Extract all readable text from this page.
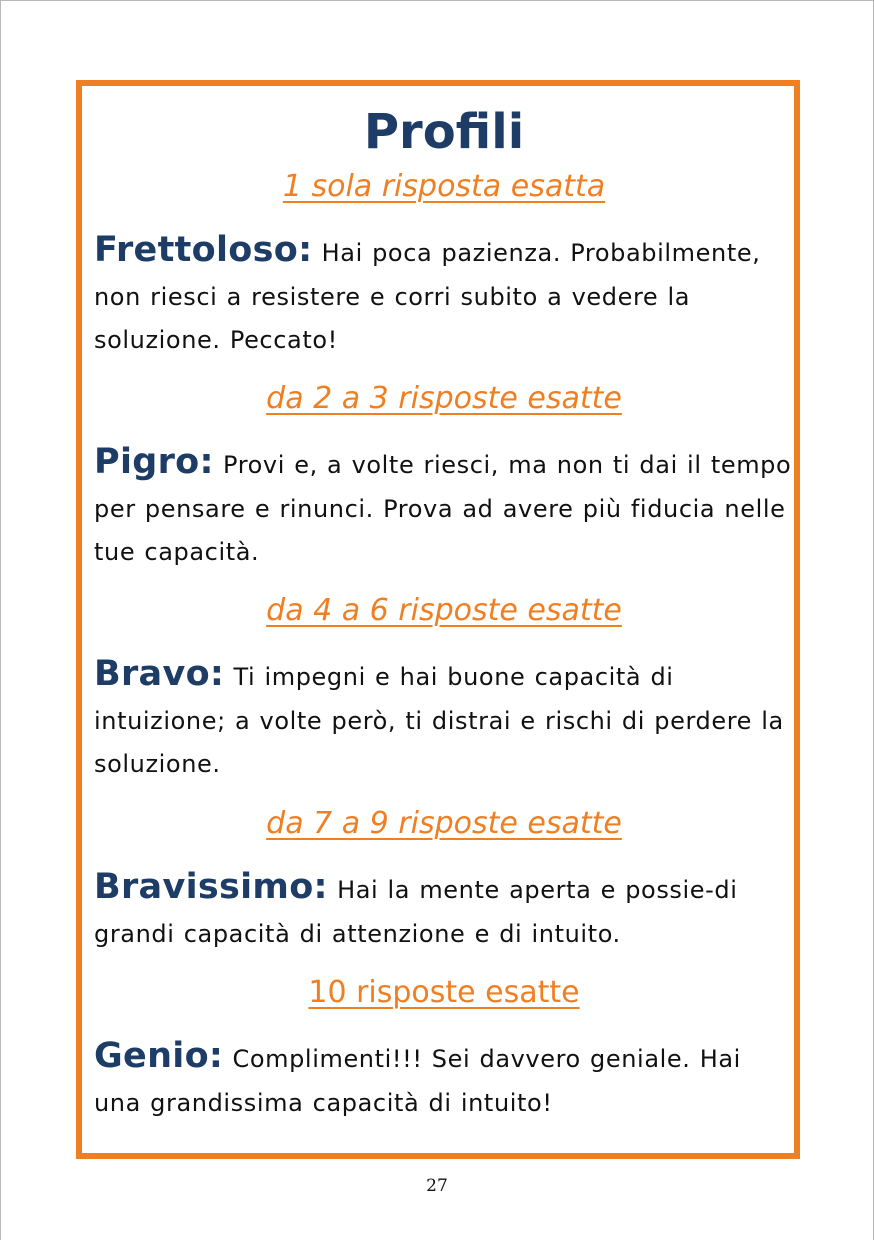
Profili

1 sola risposta esatta

Frettoloso: Hai poca pazienza. Probabilmente, non riesci a resistere e corri subito a vedere la soluzione. Peccato!

da 2 a 3 risposte esatte

Pigro: Provi e, a volte riesci, ma non ti dai il tempo per pensare e rinunci. Prova ad avere più fiducia nelle tue capacità.

da 4 a 6 risposte esatte

Bravo: Ti impegni e hai buone capacità di intuizione; a volte però, ti distrai e rischi di perdere la soluzione.

da 7 a 9 risposte esatte

Bravissimo: Hai la mente aperta e possie-di grandi capacità di attenzione e di intuito.

10 risposte esatte

Genio: Complimenti!!! Sei davvero geniale. Hai una grandissima capacità di intuito!

27
